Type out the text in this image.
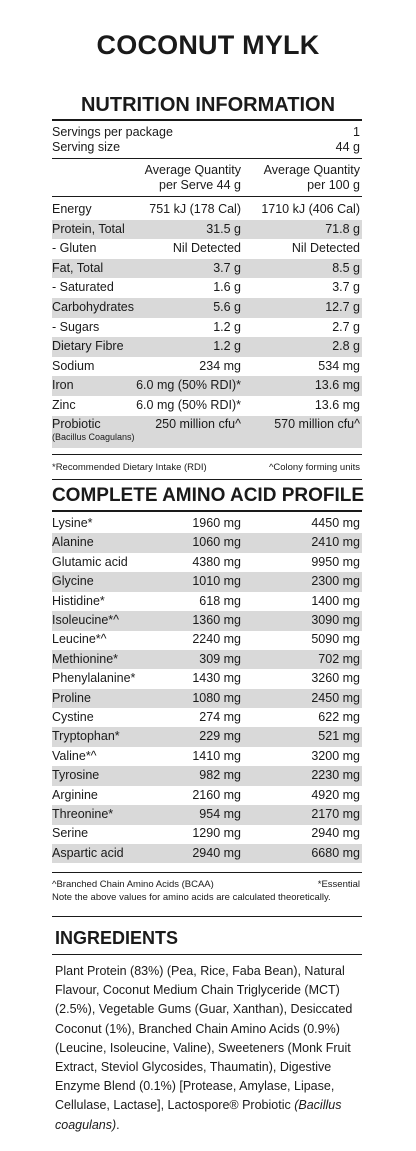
COCONUT MYLK
NUTRITION INFORMATION
Servings per package	1
Serving size	44 g
Average Quantity
per Serve 44 g
Average Quantity
per 100 g
Energy	751 kJ (178 Cal) 1710 kJ (406 Cal)
Protein, Total	31.5 g	71.8 g
- Gluten	Nil Detected	Nil Detected
Fat, Total	3.7 g	8.5 g
- Saturated	1.6 g	3.7 g
Carbohydrates	5.6 g	12.7 g
- Sugars	1.2 g	2.7 g
Dietary Fibre	1.2 g	2.8 g
Sodium	234 mg	534 mg
Iron	6.0 mg (50% RDI)*	13.6 mg
Zinc	6.0 mg (50% RDI)*	13.6 mg
Probiotic
(Bacillus Coagulans)
250 million cfu^	570 million cfu^
*Recommended Dietary Intake (RDI)	^Colony forming units
COMPLETE AMINO ACID PROFILE
Lysine*	1960 mg	4450 mg
Alanine	1060 mg	2410 mg
Glutamic acid	4380 mg	9950 mg
Glycine	1010 mg	2300 mg
Histidine*	618 mg	1400 mg
Isoleucine*^	1360 mg	3090 mg
Leucine*^	2240 mg	5090 mg
Methionine*	309 mg	702 mg
Phenylalanine*	1430 mg	3260 mg
Proline	1080 mg	2450 mg
Cystine	274 mg	622 mg
Tryptophan*	229 mg	521 mg
Valine*^	1410 mg	3200 mg
Tyrosine	982 mg	2230 mg
Arginine	2160 mg	4920 mg
Threonine*	954 mg	2170 mg
Serine	1290 mg	2940 mg
Aspartic acid	2940 mg	6680 mg
^Branched Chain Amino Acids (BCAA)	*Essential
Note the above values for amino acids are calculated theoretically.
INGREDIENTS
Plant Protein (83%) (Pea, Rice, Faba Bean), Natural Flavour, Coconut Medium Chain Triglyceride (MCT) (2.5%), Vegetable Gums (Guar, Xanthan), Desiccated Coconut (1%), Branched Chain Amino Acids (0.9%) (Leucine, Isoleucine, Valine), Sweeteners (Monk Fruit Extract, Steviol Glycosides, Thaumatin), Digestive Enzyme Blend (0.1%) [Protease, Amylase, Lipase, Cellulase, Lactase], Lactospore® Probiotic (Bacillus coagulans).
